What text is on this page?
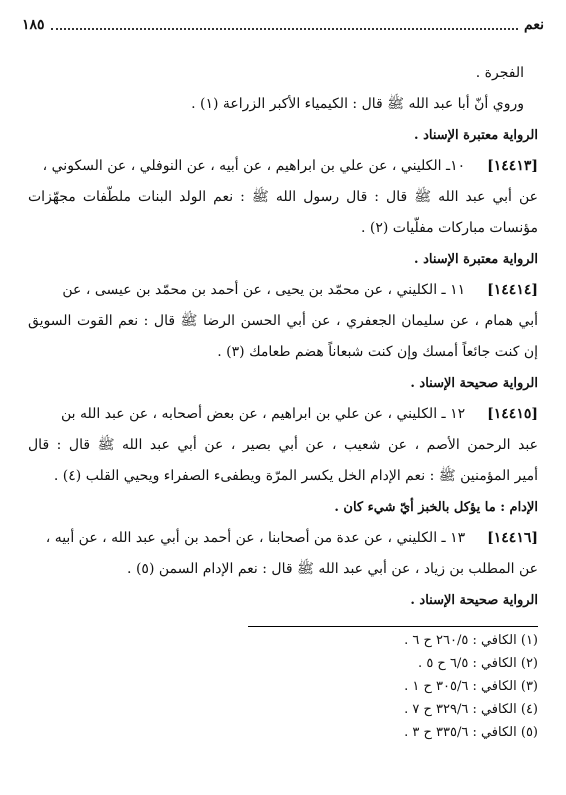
١٨٥	نعم
الفجرة .
وروي أنّ أبا عبد الله ﷺ قال : الكيمياء الأكبر الزراعة (١) .
الرواية معتبرة الإسناد .
[١٤٤١٣]
١٠ـ الكليني ، عن علي بن ابراهيم ، عن أبيه ، عن النوفلي ، عن السكوني ،
عن أبي عبد الله ﷺ قال : قال رسول الله ﷺ : نعم الولد البنات ملطّفات مجهّزات
مؤنسات مباركات مفلّيات (٢) .
الرواية معتبرة الإسناد .
[١٤٤١٤]
١١ ـ الكليني ، عن محمّد بن يحيى ، عن أحمد بن محمّد بن عيسى ، عن
أبي همام ، عن سليمان الجعفري ، عن أبي الحسن الرضا ﷺ قال : نعم القوت السويق
إن كنت جائعاً أمسك وإن كنت شبعاناً هضم طعامك (٣) .
الرواية صحيحة الإسناد .
[١٤٤١٥]
١٢ ـ الكليني ، عن علي بن ابراهيم ، عن بعض أصحابه ، عن عبد الله بن
عبد الرحمن الأصم ، عن شعيب ، عن أبي بصير ، عن أبي عبد الله ﷺ قال : قال
أمير المؤمنين ﷺ : نعم الإدام الخل يكسر المرّة ويطفىء الصفراء ويحيي القلب (٤) .
الإدام : ما يؤكل بالخبز أيّ شيء كان .
[١٤٤١٦]
١٣ ـ الكليني ، عن عدة من أصحابنا ، عن أحمد بن أبي عبد الله ، عن أبيه ،
عن المطلب بن زياد ، عن أبي عبد الله ﷺ قال : نعم الإدام السمن (٥) .
الرواية صحيحة الإسناد .
(١) الكافي : ٢٦٠/٥ ح ٦ .
(٢) الكافي : ٦/٥ ح ٥ .
(٣) الكافي : ٣٠٥/٦ ح ١ .
(٤) الكافي : ٣٢٩/٦ ح ٧ .
(٥) الكافي : ٣٣٥/٦ ح ٣ .
